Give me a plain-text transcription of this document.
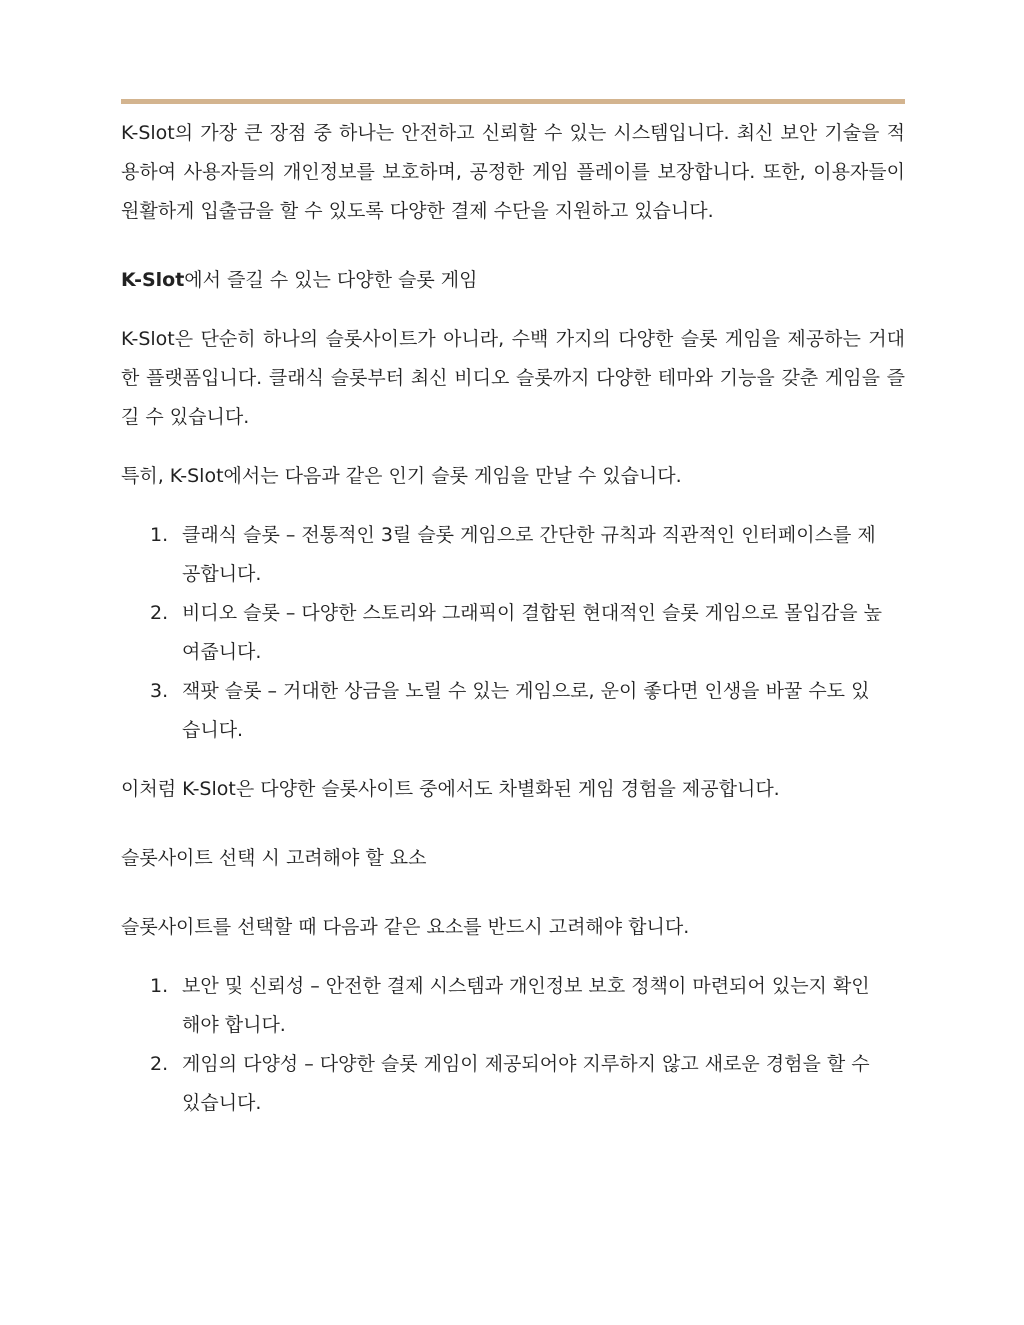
K-Slot의 가장 큰 장점 중 하나는 안전하고 신뢰할 수 있는 시스템입니다. 최신 보안 기술을 적용하여 사용자들의 개인정보를 보호하며, 공정한 게임 플레이를 보장합니다. 또한, 이용자들이 원활하게 입출금을 할 수 있도록 다양한 결제 수단을 지원하고 있습니다.

K-Slot에서 즐길 수 있는 다양한 슬롯 게임

K-Slot은 단순히 하나의 슬롯사이트가 아니라, 수백 가지의 다양한 슬롯 게임을 제공하는 거대한 플랫폼입니다. 클래식 슬롯부터 최신 비디오 슬롯까지 다양한 테마와 기능을 갖춘 게임을 즐길 수 있습니다.

특히, K-Slot에서는 다음과 같은 인기 슬롯 게임을 만날 수 있습니다.

1. 클래식 슬롯 – 전통적인 3릴 슬롯 게임으로 간단한 규칙과 직관적인 인터페이스를 제공합니다.
2. 비디오 슬롯 – 다양한 스토리와 그래픽이 결합된 현대적인 슬롯 게임으로 몰입감을 높여줍니다.
3. 잭팟 슬롯 – 거대한 상금을 노릴 수 있는 게임으로, 운이 좋다면 인생을 바꿀 수도 있습니다.

이처럼 K-Slot은 다양한 슬롯사이트 중에서도 차별화된 게임 경험을 제공합니다.

슬롯사이트 선택 시 고려해야 할 요소

슬롯사이트를 선택할 때 다음과 같은 요소를 반드시 고려해야 합니다.

1. 보안 및 신뢰성 – 안전한 결제 시스템과 개인정보 보호 정책이 마련되어 있는지 확인해야 합니다.
2. 게임의 다양성 – 다양한 슬롯 게임이 제공되어야 지루하지 않고 새로운 경험을 할 수 있습니다.
